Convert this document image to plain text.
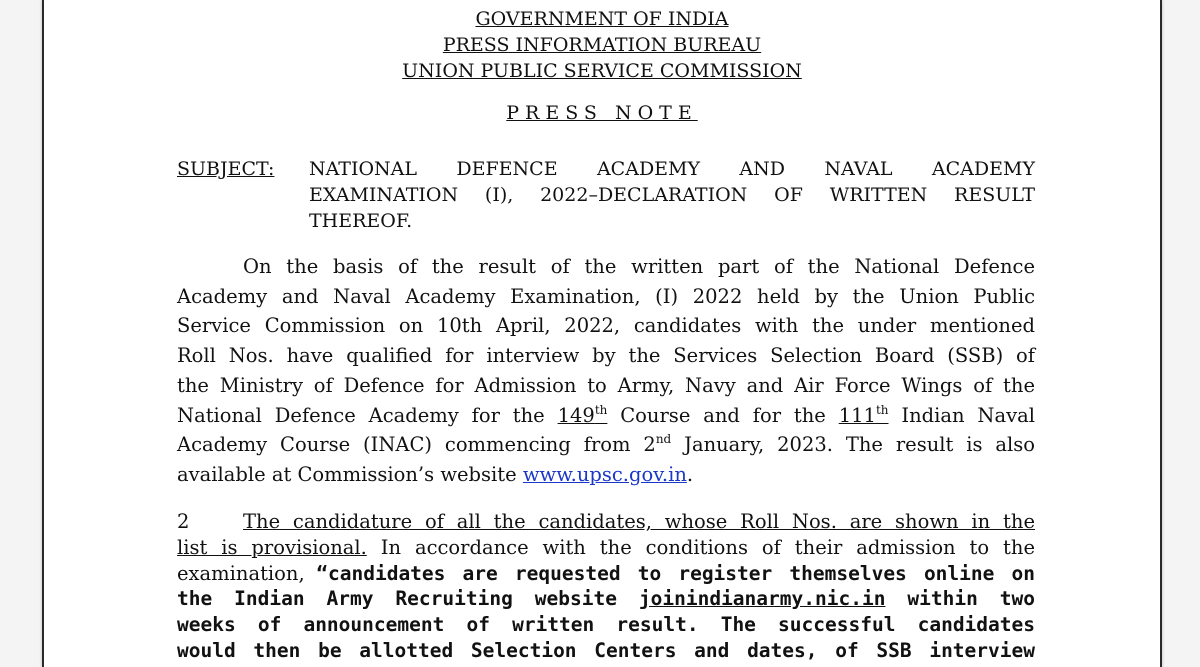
GOVERNMENT OF INDIA
PRESS INFORMATION BUREAU
UNION PUBLIC SERVICE COMMISSION
PRESS NOTE
SUBJECT: NATIONAL DEFENCE ACADEMY AND NAVAL ACADEMY
EXAMINATION (I), 2022–DECLARATION OF WRITTEN RESULT
THEREOF.
On the basis of the result of the written part of the National Defence
Academy and Naval Academy Examination, (I) 2022 held by the Union Public
Service Commission on 10th April, 2022, candidates with the under mentioned
Roll Nos. have qualified for interview by the Services Selection Board (SSB) of
the Ministry of Defence for Admission to Army, Navy and Air Force Wings of the
National Defence Academy for the 149th Course and for the 111th Indian Naval
Academy Course (INAC) commencing from 2nd January, 2023. The result is also
available at Commission’s website www.upsc.gov.in.
2	The candidature of all the candidates, whose Roll Nos. are shown in the
list is provisional. In accordance with the conditions of their admission to the
examination, “candidates are requested to register themselves online on
the Indian Army Recruiting website joinindianarmy.nic.in within two
weeks of announcement of written result. The successful candidates
would then be allotted Selection Centers and dates, of SSB interview
